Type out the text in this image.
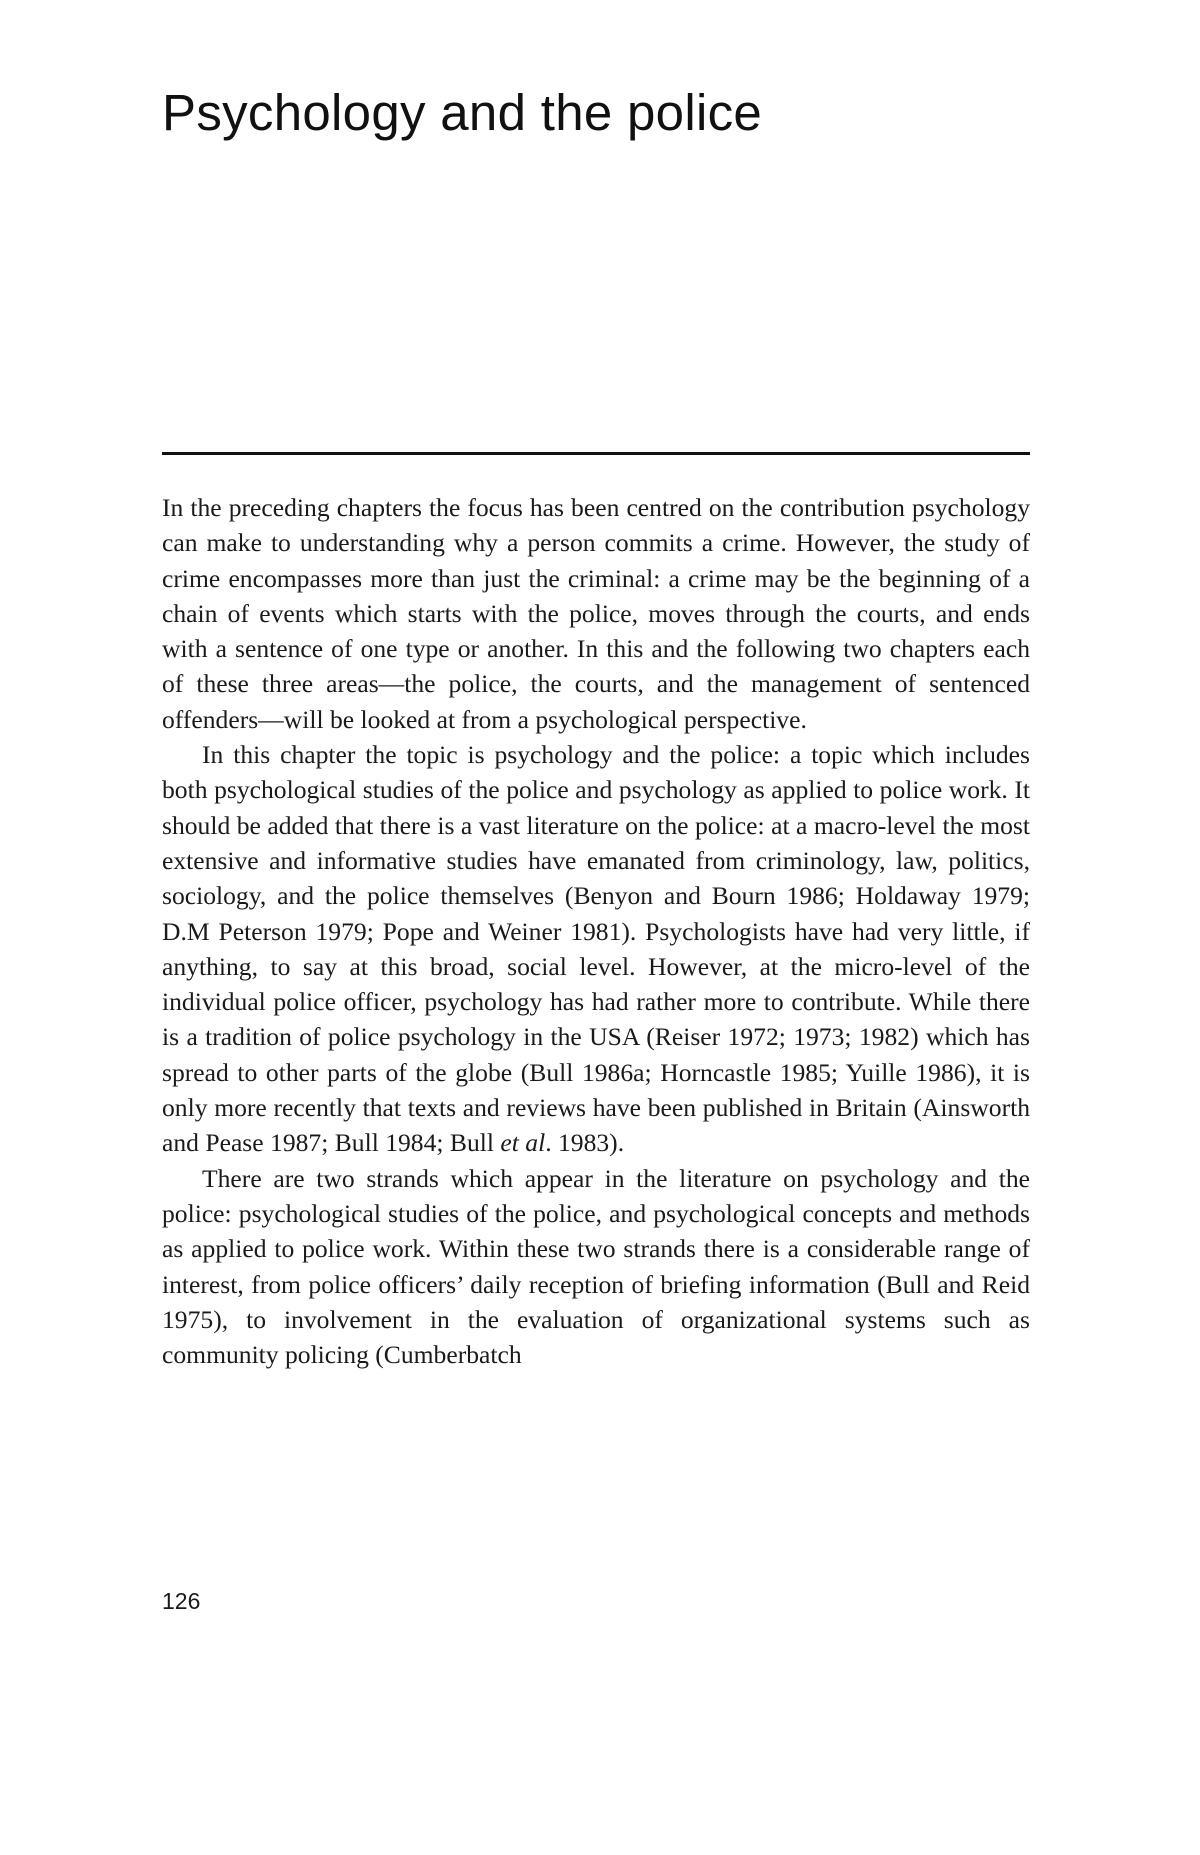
Psychology and the police

In the preceding chapters the focus has been centred on the contribution psychology can make to understanding why a person commits a crime. However, the study of crime encompasses more than just the criminal: a crime may be the beginning of a chain of events which starts with the police, moves through the courts, and ends with a sentence of one type or another. In this and the following two chapters each of these three areas—the police, the courts, and the management of sentenced offenders—will be looked at from a psychological perspective.

In this chapter the topic is psychology and the police: a topic which includes both psychological studies of the police and psychology as applied to police work. It should be added that there is a vast literature on the police: at a macro-level the most extensive and informative studies have emanated from criminology, law, politics, sociology, and the police themselves (Benyon and Bourn 1986; Holdaway 1979; D.M Peterson 1979; Pope and Weiner 1981). Psychologists have had very little, if anything, to say at this broad, social level. However, at the micro-level of the individual police officer, psychology has had rather more to contribute. While there is a tradition of police psychology in the USA (Reiser 1972; 1973; 1982) which has spread to other parts of the globe (Bull 1986a; Horncastle 1985; Yuille 1986), it is only more recently that texts and reviews have been published in Britain (Ainsworth and Pease 1987; Bull 1984; Bull et al. 1983).

There are two strands which appear in the literature on psychology and the police: psychological studies of the police, and psychological concepts and methods as applied to police work. Within these two strands there is a considerable range of interest, from police officers’ daily reception of briefing information (Bull and Reid 1975), to involvement in the evaluation of organizational systems such as community policing (Cumberbatch

126
